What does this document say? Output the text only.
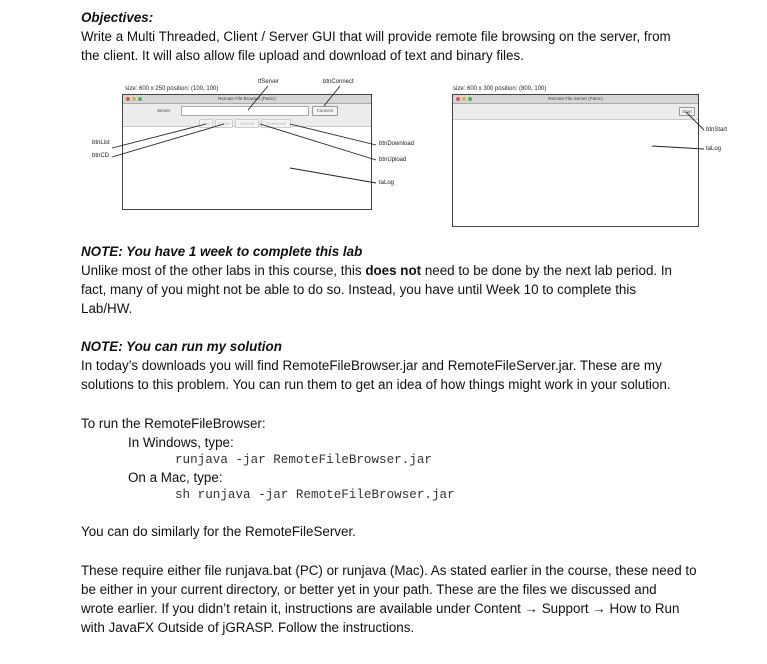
Objectives:
Write a Multi Threaded, Client / Server GUI that will provide remote file browsing on the server, from
the client. It will also allow file upload and download of text and binary files.
size: 600 x 250 position: (100, 100)	size: 600 x 300 position: (800, 100)
Remote File Browser (Patric)
Server	Connect
List	CHDir	Upload	Download
Remote File Server (Patric)
Start
tfServer	btnConnect
btnList
btnCD
btnDownload
btnUpload
taLog
btnStart
taLog
NOTE: You have 1 week to complete this lab
Unlike most of the other labs in this course, this does not need to be done by the next lab period. In
fact, many of you might not be able to do so. Instead, you have until Week 10 to complete this
Lab/HW.
NOTE: You can run my solution
In today’s downloads you will find RemoteFileBrowser.jar and RemoteFileServer.jar. These are my
solutions to this problem. You can run them to get an idea of how things might work in your solution.
To run the RemoteFileBrowser:
In Windows, type:
runjava -jar RemoteFileBrowser.jar
On a Mac, type:
sh runjava -jar RemoteFileBrowser.jar
You can do similarly for the RemoteFileServer.
These require either file runjava.bat (PC) or runjava (Mac). As stated earlier in the course, these need to
be either in your current directory, or better yet in your path. These are the files we discussed and
wrote earlier. If you didn’t retain it, instructions are available under Content → Support → How to Run
with JavaFX Outside of jGRASP. Follow the instructions.
